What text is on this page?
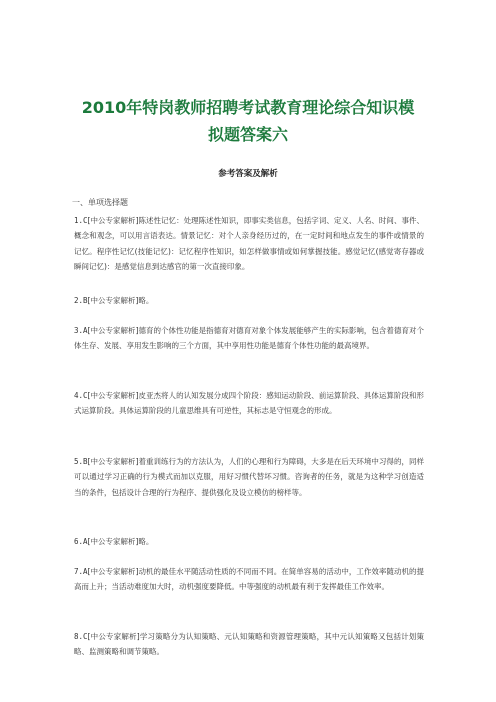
2010年特岗教师招聘考试教育理论综合知识模
拟题答案六
参考答案及解析
一、单项选择题

1.C[中公专家解析]陈述性记忆：处理陈述性知识，即事实类信息，包括字词、定义、人名、时间、事件、概念和观念，可以用言语表达。情景记忆：对个人亲身经历过的，在一定时间和地点发生的事件或情景的记忆。程序性记忆(技能记忆)：记忆程序性知识，如怎样做事情或如何掌握技能。感觉记忆(感觉寄存器或瞬间记忆)：是感觉信息到达感官的第一次直接印象。

2.B[中公专家解析]略。

3.A[中公专家解析]德育的个体性功能是指德育对德育对象个体发展能够产生的实际影响，包含着德育对个体生存、发展、享用发生影响的三个方面，其中享用性功能是德育个体性功能的最高境界。

4.C[中公专家解析]皮亚杰将人的认知发展分成四个阶段：感知运动阶段、前运算阶段、具体运算阶段和形式运算阶段。具体运算阶段的儿童思维具有可逆性，其标志是守恒观念的形成。

5.B[中公专家解析]着重训练行为的方法认为，人们的心理和行为障碍，大多是在后天环境中习得的，同样可以通过学习正确的行为模式而加以克服，用好习惯代替坏习惯。咨询者的任务，就是为这种学习创造适当的条件，包括设计合理的行为程序、提供强化及设立模仿的榜样等。

6.A[中公专家解析]略。

7.A[中公专家解析]动机的最佳水平随活动性质的不同而不同。在简单容易的活动中，工作效率随动机的提高而上升；当活动难度加大时，动机强度要降低。中等强度的动机最有利于发挥最佳工作效率。

8.C[中公专家解析]学习策略分为认知策略、元认知策略和资源管理策略，其中元认知策略又包括计划策略、监测策略和调节策略。
